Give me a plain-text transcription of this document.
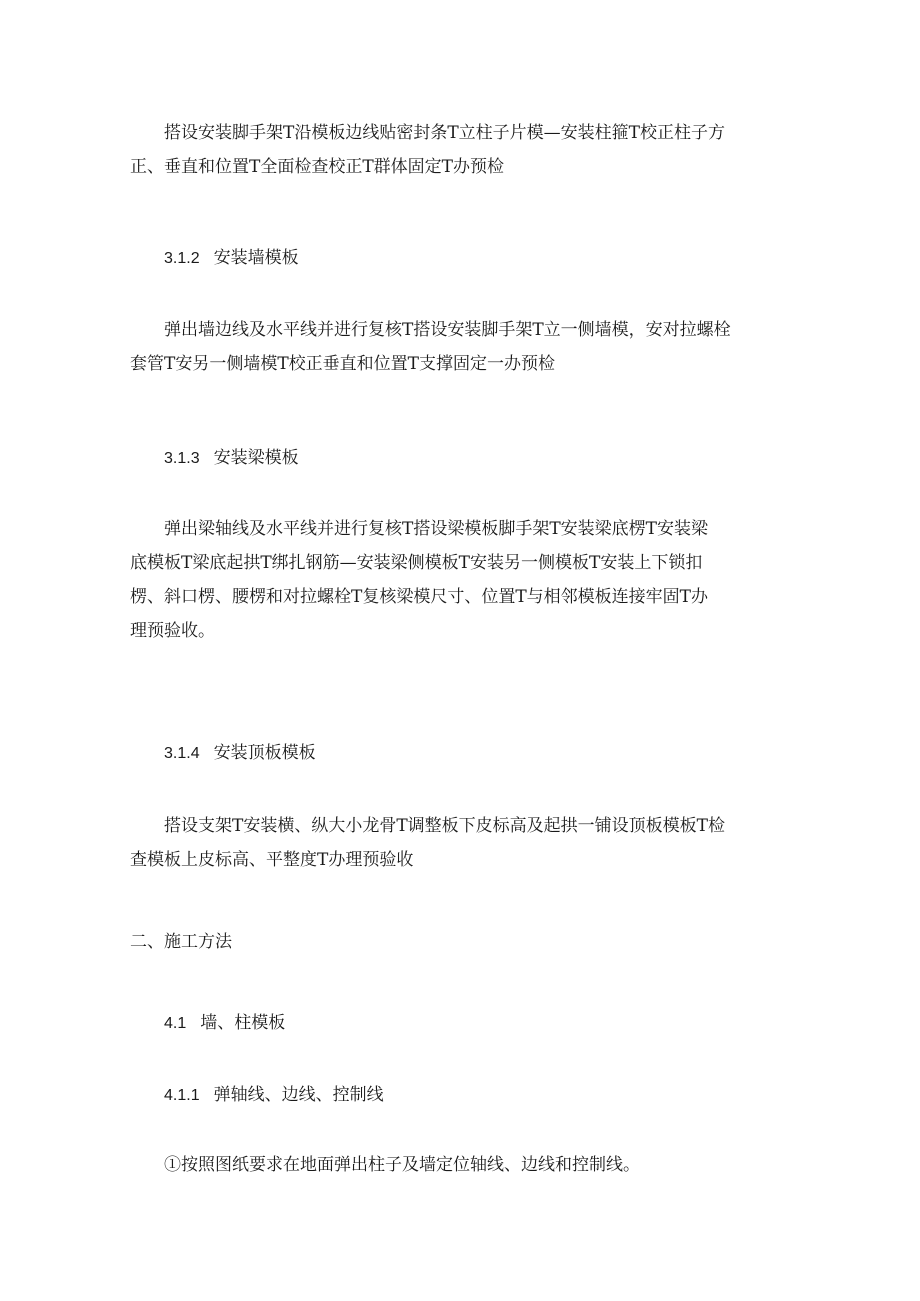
搭设安装脚手架T沿模板边线贴密封条T立柱子片模—安装柱箍T校正柱子方
正、垂直和位置T全面检查校正T群体固定T办预检
3.1.2 安装墙模板
弹出墙边线及水平线并进行复核T搭设安装脚手架T立一侧墙模，安对拉螺栓
套管T安另一侧墙模T校正垂直和位置T支撑固定一办预检
3.1.3 安装梁模板
弹出梁轴线及水平线并进行复核T搭设梁模板脚手架T安装梁底楞T安装梁
底模板T梁底起拱T绑扎钢筋—安装梁侧模板T安装另一侧模板T安装上下锁扣
楞、斜口楞、腰楞和对拉螺栓T复核梁模尺寸、位置T与相邻模板连接牢固T办
理预验收。
3.1.4 安装顶板模板
搭设支架T安装横、纵大小龙骨T调整板下皮标高及起拱一铺设顶板模板T检
查模板上皮标高、平整度T办理预验收
二、施工方法
4.1 墙、柱模板
4.1.1 弹轴线、边线、控制线
①按照图纸要求在地面弹出柱子及墙定位轴线、边线和控制线。
